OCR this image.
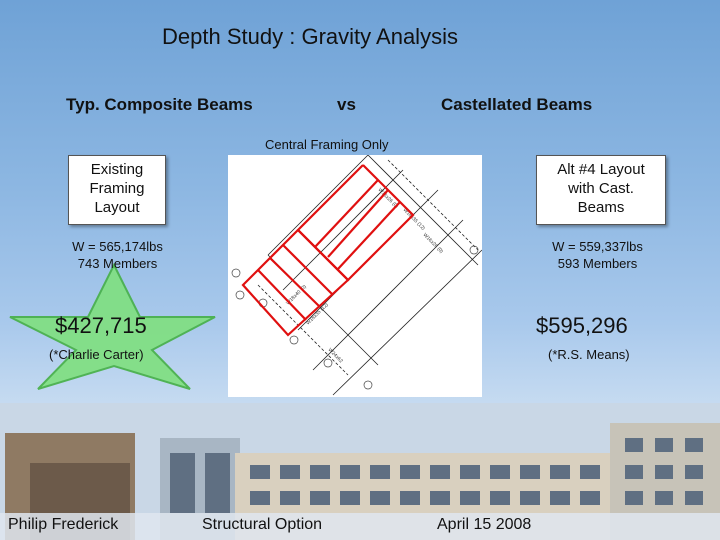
Depth Study : Gravity Analysis
Typ. Composite Beams	vs	Castellated Beams
Central Framing Only
Existing
Framing
Layout
W = 565,174lbs
743 Members
$427,715
(*Charlie Carter)
Alt #4 Layout
with Cast.
Beams
W = 559,337lbs
593 Members
$595,296
(*R.S. Means)
W16x26 (0)
W18x35 (12)
W16x26 (0)
W18x40 (0)
W18x35 (12)
W24x62
Philip Frederick	Structural Option	April 15 2008
